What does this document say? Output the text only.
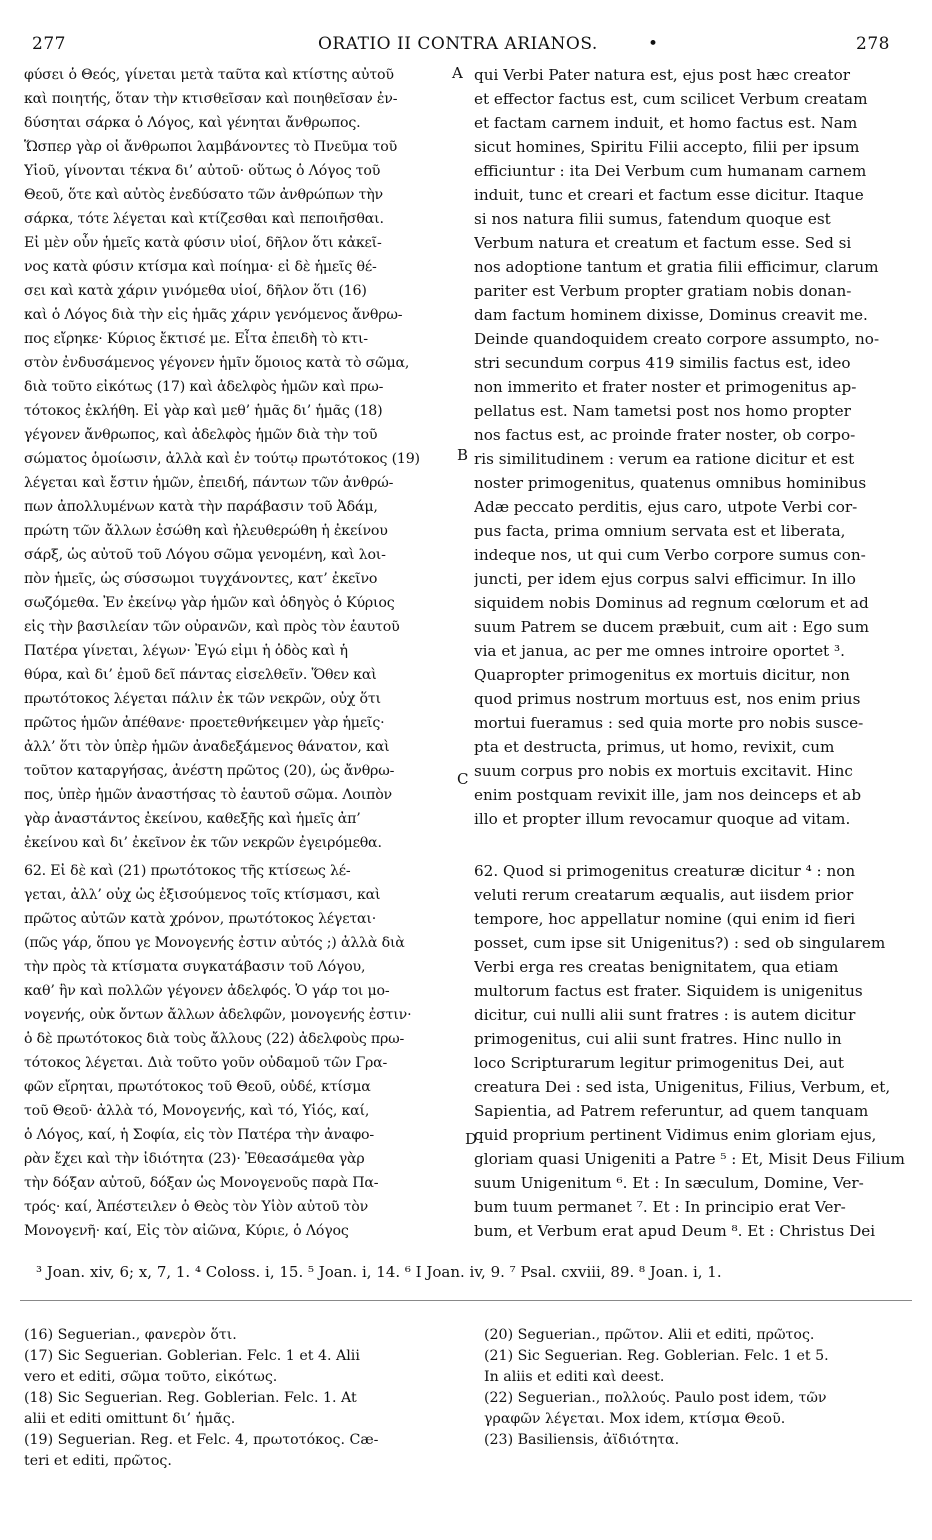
277	ORATIO II CONTRA ARIANOS.	•	278
A
B
C
D
φύσει ὁ Θεός, γίνεται μετὰ ταῦτα καὶ κτίστης αὐτοῦ
καὶ ποιητής, ὅταν τὴν κτισθεῖσαν καὶ ποιηθεῖσαν ἐν-
δύσηται σάρκα ὁ Λόγος, καὶ γένηται ἄνθρωπος.
Ὥσπερ γὰρ οἱ ἄνθρωποι λαμβάνοντες τὸ Πνεῦμα τοῦ
Υἱοῦ, γίνονται τέκνα δι’ αὐτοῦ· οὕτως ὁ Λόγος τοῦ
Θεοῦ, ὅτε καὶ αὐτὸς ἐνεδύσατο τῶν ἀνθρώπων τὴν
σάρκα, τότε λέγεται καὶ κτίζεσθαι καὶ πεποιῆσθαι.
Εἰ μὲν οὖν ἡμεῖς κατὰ φύσιν υἱοί, δῆλον ὅτι κἀκεῖ-
νος κατὰ φύσιν κτίσμα καὶ ποίημα· εἰ δὲ ἡμεῖς θέ-
σει καὶ κατὰ χάριν γινόμεθα υἱοί, δῆλον ὅτι (16)
καὶ ὁ Λόγος διὰ τὴν εἰς ἡμᾶς χάριν γενόμενος ἄνθρω-
πος εἴρηκε· Κύριος ἔκτισέ με. Εἶτα ἐπειδὴ τὸ κτι-
στὸν ἐνδυσάμενος γέγονεν ἡμῖν ὅμοιος κατὰ τὸ σῶμα,
διὰ τοῦτο εἰκότως (17) καὶ ἀδελφὸς ἡμῶν καὶ πρω-
τότοκος ἐκλήθη. Εἰ γὰρ καὶ μεθ’ ἡμᾶς δι’ ἡμᾶς (18)
γέγονεν ἄνθρωπος, καὶ ἀδελφὸς ἡμῶν διὰ τὴν τοῦ
σώματος ὁμοίωσιν, ἀλλὰ καὶ ἐν τούτῳ πρωτότοκος (19)
λέγεται καὶ ἔστιν ἡμῶν, ἐπειδή, πάντων τῶν ἀνθρώ-
πων ἀπολλυμένων κατὰ τὴν παράβασιν τοῦ Ἀδάμ,
πρώτη τῶν ἄλλων ἐσώθη καὶ ἠλευθερώθη ἡ ἐκείνου
σάρξ, ὡς αὐτοῦ τοῦ Λόγου σῶμα γενομένη, καὶ λοι-
πὸν ἡμεῖς, ὡς σύσσωμοι τυγχάνοντες, κατ’ ἐκεῖνο
σωζόμεθα. Ἐν ἐκείνῳ γὰρ ἡμῶν καὶ ὁδηγὸς ὁ Κύριος
εἰς τὴν βασιλείαν τῶν οὐρανῶν, καὶ πρὸς τὸν ἑαυτοῦ
Πατέρα γίνεται, λέγων· Ἐγώ εἰμι ἡ ὁδὸς καὶ ἡ
θύρα, καὶ δι’ ἐμοῦ δεῖ πάντας εἰσελθεῖν. Ὅθεν καὶ
πρωτότοκος λέγεται πάλιν ἐκ τῶν νεκρῶν, οὐχ ὅτι
πρῶτος ἡμῶν ἀπέθανε· προετεθνήκειμεν γὰρ ἡμεῖς·
ἀλλ’ ὅτι τὸν ὑπὲρ ἡμῶν ἀναδεξάμενος θάνατον, καὶ
τοῦτον καταργήσας, ἀνέστη πρῶτος (20), ὡς ἄνθρω-
πος, ὑπὲρ ἡμῶν ἀναστήσας τὸ ἑαυτοῦ σῶμα. Λοιπὸν
γὰρ ἀναστάντος ἐκείνου, καθεξῆς καὶ ἡμεῖς ἀπ’
ἐκείνου καὶ δι’ ἐκεῖνον ἐκ τῶν νεκρῶν ἐγειρόμεθα.
qui Verbi Pater natura est, ejus post hæc creator
et effector factus est, cum scilicet Verbum creatam
et factam carnem induit, et homo factus est. Nam
sicut homines, Spiritu Filii accepto, filii per ipsum
efficiuntur : ita Dei Verbum cum humanam carnem
induit, tunc et creari et factum esse dicitur. Itaque
si nos natura filii sumus, fatendum quoque est
Verbum natura et creatum et factum esse. Sed si
nos adoptione tantum et gratia filii efficimur, clarum
pariter est Verbum propter gratiam nobis donan-
dam factum hominem dixisse, Dominus creavit me.
Deinde quandoquidem creato corpore assumpto, no-
stri secundum corpus 419 similis factus est, ideo
non immerito et frater noster et primogenitus ap-
pellatus est. Nam tametsi post nos homo propter
nos factus est, ac proinde frater noster, ob corpo-
ris similitudinem : verum ea ratione dicitur et est
noster primogenitus, quatenus omnibus hominibus
Adæ peccato perditis, ejus caro, utpote Verbi cor-
pus facta, prima omnium servata est et liberata,
indeque nos, ut qui cum Verbo corpore sumus con-
juncti, per idem ejus corpus salvi efficimur. In illo
siquidem nobis Dominus ad regnum cœlorum et ad
suum Patrem se ducem præbuit, cum ait : Ego sum
via et janua, ac per me omnes introire oportet ³.
Quapropter primogenitus ex mortuis dicitur, non
quod primus nostrum mortuus est, nos enim prius
mortui fueramus : sed quia morte pro nobis susce-
pta et destructa, primus, ut homo, revixit, cum
suum corpus pro nobis ex mortuis excitavit. Hinc
enim postquam revixit ille, jam nos deinceps et ab
illo et propter illum revocamur quoque ad vitam.
62. Εἰ δὲ καὶ (21) πρωτότοκος τῆς κτίσεως λέ-
γεται, ἀλλ’ οὐχ ὡς ἐξισούμενος τοῖς κτίσμασι, καὶ
πρῶτος αὐτῶν κατὰ χρόνον, πρωτότοκος λέγεται·
(πῶς γάρ, ὅπου γε Μονογενής ἐστιν αὐτός ;) ἀλλὰ διὰ
τὴν πρὸς τὰ κτίσματα συγκατάβασιν τοῦ Λόγου,
καθ’ ἣν καὶ πολλῶν γέγονεν ἀδελφός. Ὁ γάρ τοι μο-
νογενής, οὐκ ὄντων ἄλλων ἀδελφῶν, μονογενής ἐστιν·
ὁ δὲ πρωτότοκος διὰ τοὺς ἄλλους (22) ἀδελφοὺς πρω-
τότοκος λέγεται. Διὰ τοῦτο γοῦν οὐδαμοῦ τῶν Γρα-
φῶν εἴρηται, πρωτότοκος τοῦ Θεοῦ, οὐδέ, κτίσμα
τοῦ Θεοῦ· ἀλλὰ τό, Μονογενής, καὶ τό, Υἱός, καί,
ὁ Λόγος, καί, ἡ Σοφία, εἰς τὸν Πατέρα τὴν ἀναφο-
ρὰν ἔχει καὶ τὴν ἰδιότητα (23)· Ἐθεασάμεθα γὰρ
τὴν δόξαν αὐτοῦ, δόξαν ὡς Μονογενοῦς παρὰ Πα-
τρός· καί, Ἀπέστειλεν ὁ Θεὸς τὸν Υἱὸν αὐτοῦ τὸν
Μονογενῆ· καί, Εἰς τὸν αἰῶνα, Κύριε, ὁ Λόγος
62. Quod si primogenitus creaturæ dicitur ⁴ : non
veluti rerum creatarum æqualis, aut iisdem prior
tempore, hoc appellatur nomine (qui enim id fieri
posset, cum ipse sit Unigenitus?) : sed ob singularem
Verbi erga res creatas benignitatem, qua etiam
multorum factus est frater. Siquidem is unigenitus
dicitur, cui nulli alii sunt fratres : is autem dicitur
primogenitus, cui alii sunt fratres. Hinc nullo in
loco Scripturarum legitur primogenitus Dei, aut
creatura Dei : sed ista, Unigenitus, Filius, Verbum, et,
Sapientia, ad Patrem referuntur, ad quem tanquam
quid proprium pertinent Vidimus enim gloriam ejus,
gloriam quasi Unigeniti a Patre ⁵ : Et, Misit Deus Filium
suum Unigenitum ⁶. Et : In sæculum, Domine, Ver-
bum tuum permanet ⁷. Et : In principio erat Ver-
bum, et Verbum erat apud Deum ⁸. Et : Christus Dei
³ Joan. xiv, 6; x, 7, 1. ⁴ Coloss. i, 15. ⁵ Joan. i, 14. ⁶ I Joan. iv, 9. ⁷ Psal. cxviii, 89. ⁸ Joan. i, 1.
(16) Seguerian., φανερὸν ὅτι.
(17) Sic Seguerian. Goblerian. Felc. 1 et 4. Alii
vero et editi, σῶμα τοῦτο, εἰκότως.
(18) Sic Seguerian. Reg. Goblerian. Felc. 1. At
alii et editi omittunt δι’ ἡμᾶς.
(19) Seguerian. Reg. et Felc. 4, πρωτοτόκος. Cæ-
teri et editi, πρῶτος.
(20) Seguerian., πρῶτον. Alii et editi, πρῶτος.
(21) Sic Seguerian. Reg. Goblerian. Felc. 1 et 5.
In aliis et editi καὶ deest.
(22) Seguerian., πολλούς. Paulo post idem, τῶν
γραφῶν λέγεται. Mox idem, κτίσμα Θεοῦ.
(23) Basiliensis, ἀϊδιότητα.
